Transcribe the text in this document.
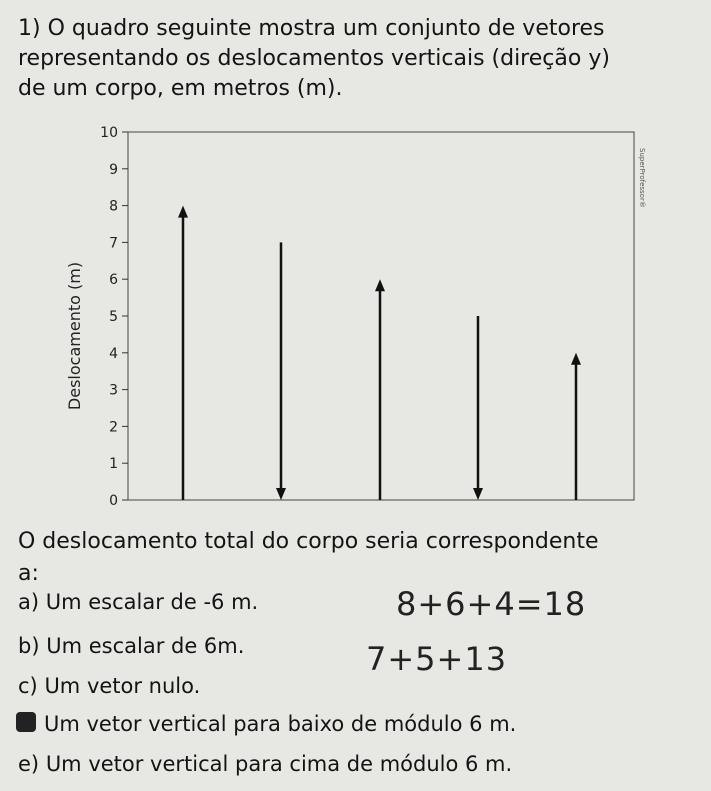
1) O quadro seguinte mostra um conjunto de vetores
representando os deslocamentos verticais (direção y)
de um corpo, em metros (m).
0
1
2
3
4
5
6
7
8
9
10
Deslocamento (m)
SuperProfessor®
O deslocamento total do corpo seria correspondente
a:
a) Um escalar de -6 m.
b) Um escalar de 6m.
c) Um vetor nulo.
Um vetor vertical para baixo de módulo 6 m.
e) Um vetor vertical para cima de módulo 6 m.
8+6+4=18
7+5+13
